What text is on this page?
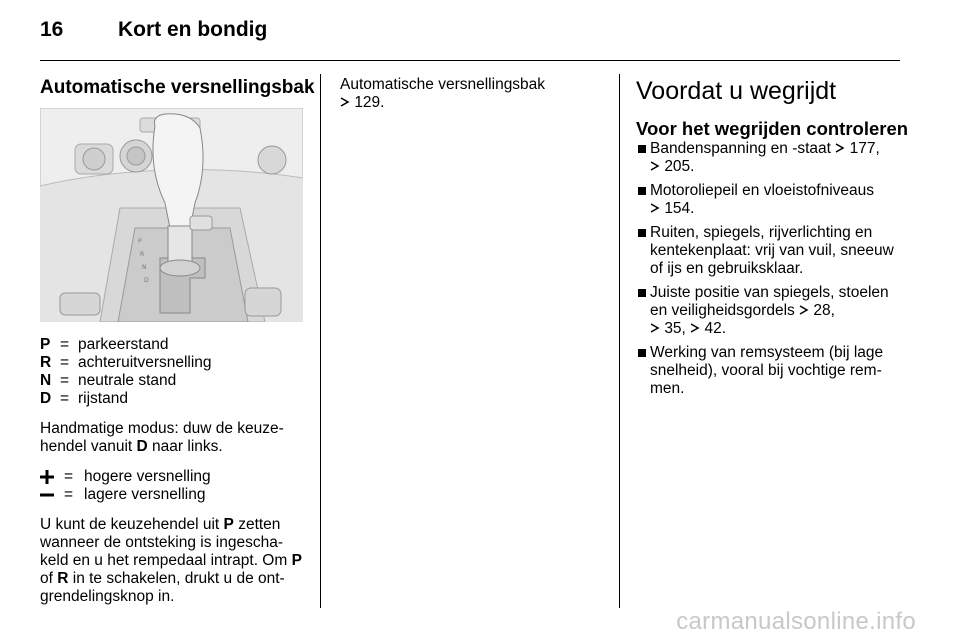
16	Kort en bondig
Automatische versnellingsbak
P
R
N
D
P = parkeerstand
R = achteruitversnelling
N = neutrale stand
D = rijstand
Handmatige modus: duw de keuze-hendel vanuit D naar links.
= hogere versnelling
= lagere versnelling
U kunt de keuzehendel uit P zetten wanneer de ontsteking is ingescha-keld en u het rempedaal intrapt. Om P of R in te schakelen, drukt u de ont-grendelingsknop in.
Automatische versnellingsbak
129.	Voordat u wegrijdt
Voor het wegrijden controleren
Bandenspanning en -staat  177,
205.
Motoroliepeil en vloeistofniveaus
154.
Ruiten, spiegels, rijverlichting en kentekenplaat: vrij van vuil, sneeuw of ijs en gebruiksklaar.
Juiste positie van spiegels, stoelen en veiligheidsgordels  28,
35,  42.
Werking van remsysteem (bij lage snelheid), vooral bij vochtige rem-men.
carmanualsonline.info
